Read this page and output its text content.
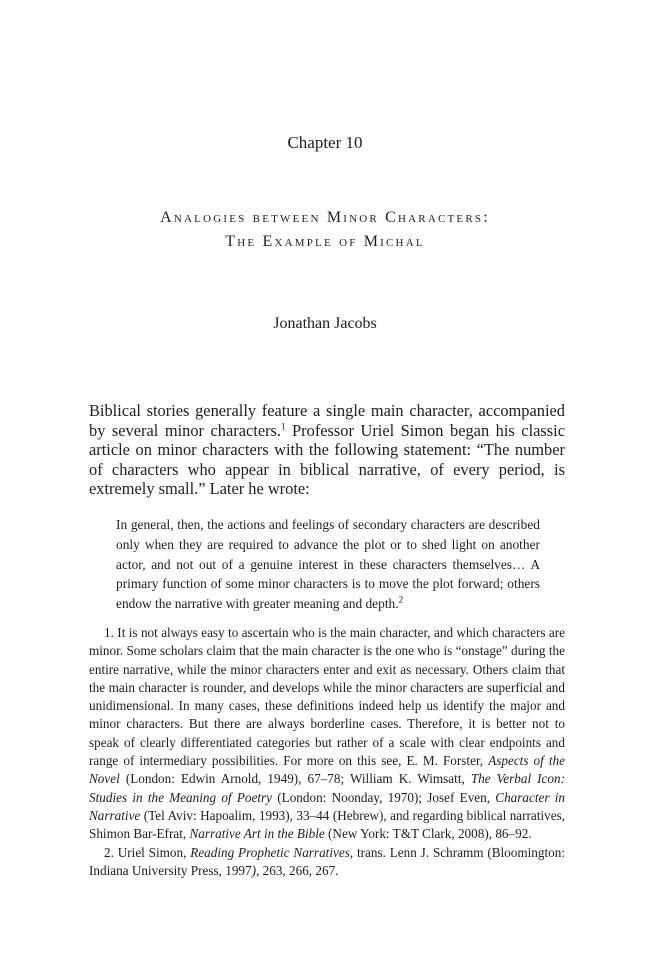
Chapter 10
Analogies between Minor Characters:
The Example of Michal
Jonathan Jacobs

Biblical stories generally feature a single main character, accompanied by several minor characters.$^1$ Professor Uriel Simon began his classic article on minor characters with the following statement: “The number of characters who appear in biblical narrative, of every period, is extremely small.” Later he wrote:

In general, then, the actions and feelings of secondary characters are described only when they are required to advance the plot or to shed light on another actor, and not out of a genuine interest in these characters themselves… A primary function of some minor characters is to move the plot forward; others endow the narrative with greater meaning and depth.$^2$

1. It is not always easy to ascertain who is the main character, and which characters are minor. Some scholars claim that the main character is the one who is “onstage” during the entire narrative, while the minor characters enter and exit as necessary. Others claim that the main character is rounder, and develops while the minor characters are superficial and unidimensional. In many cases, these definitions indeed help us identify the major and minor characters. But there are always borderline cases. Therefore, it is better not to speak of clearly differentiated categories but rather of a scale with clear endpoints and range of intermediary possibilities. For more on this see, E. M. Forster, Aspects of the Novel (London: Edwin Arnold, 1949), 67–78; William K. Wimsatt, The Verbal Icon: Studies in the Meaning of Poetry (London: Noonday, 1970); Josef Even, Character in Narrative (Tel Aviv: Hapoalim, 1993), 33–44 (Hebrew), and regarding biblical narratives, Shimon Bar-Efrat, Narrative Art in the Bible (New York: T&T Clark, 2008), 86–92.

2. Uriel Simon, Reading Prophetic Narratives, trans. Lenn J. Schramm (Bloomington: Indiana University Press, 1997), 263, 266, 267.
